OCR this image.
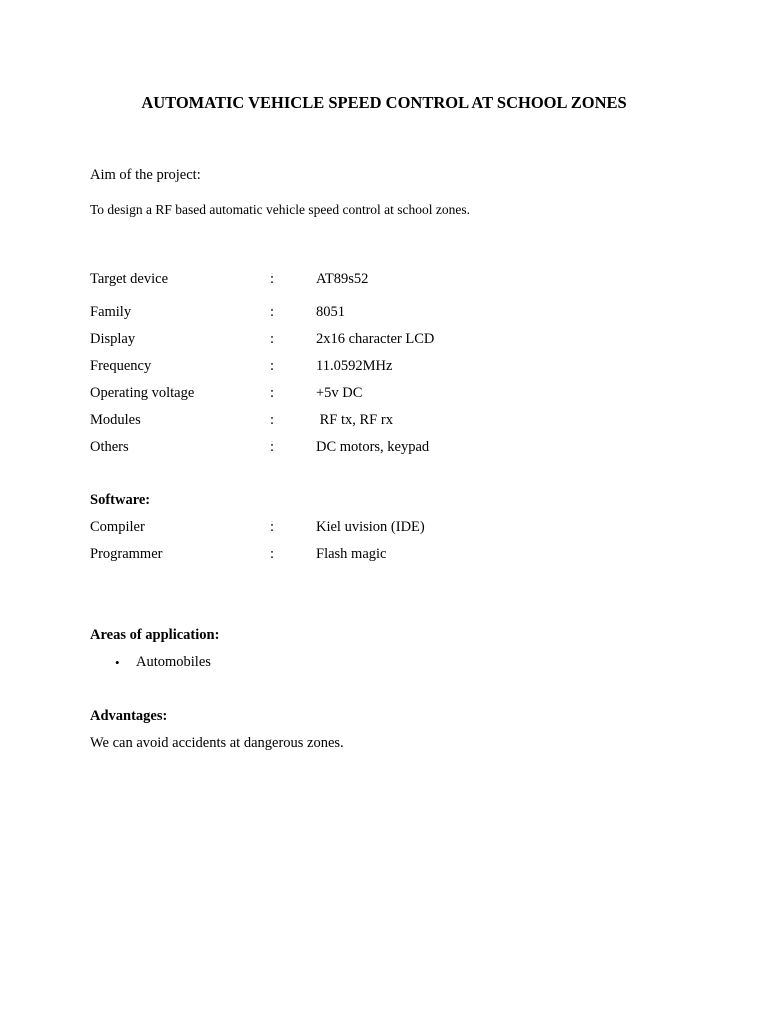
AUTOMATIC VEHICLE SPEED CONTROL AT SCHOOL ZONES
Aim of the project:
To design a RF based automatic vehicle speed control at school zones.
Target device	:	AT89s52
Family	:	8051
Display	:	2x16 character LCD
Frequency	:	11.0592MHz
Operating voltage	:	+5v DC
Modules	:	RF tx, RF rx
Others	:	DC motors, keypad
Software:
Compiler	:	Kiel uvision (IDE)
Programmer	:	Flash magic
Areas of application:
• Automobiles
Advantages:
We can avoid accidents at dangerous zones.
